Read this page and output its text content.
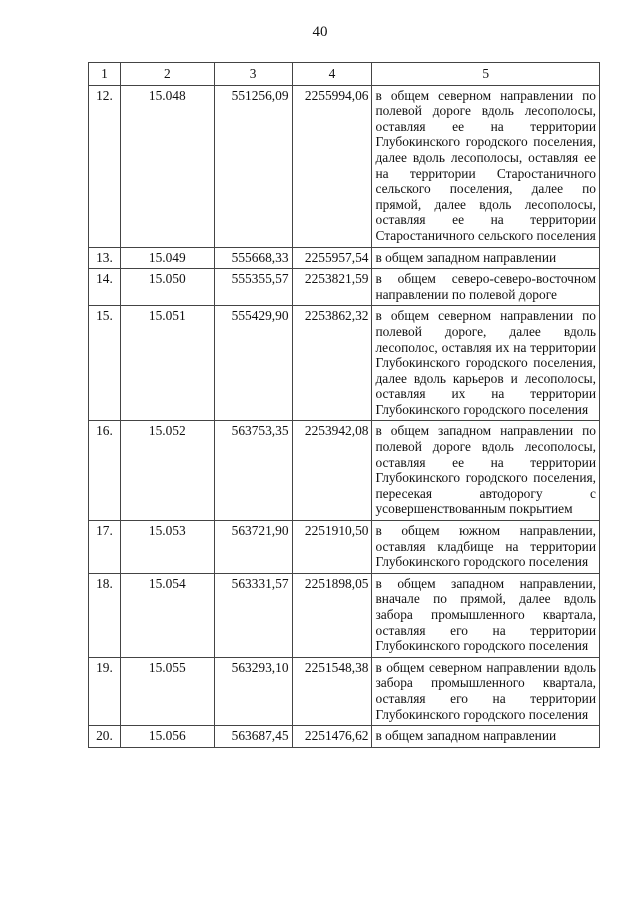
40
1	2	3	4	5
12.	15.048	551256,09	2255994,06	в общем северном направлении по полевой дороге вдоль лесополосы, оставляя ее на территории Глубокинского городского поселения, далее вдоль лесополосы, оставляя ее на территории Старостаничного сельского поселения, далее по прямой, далее вдоль лесополосы, оставляя ее на территории Старостаничного сельского поселения
13.	15.049	555668,33	2255957,54	в общем западном направлении
14.	15.050	555355,57	2253821,59	в общем северо-северо-восточном направлении по полевой дороге
15.	15.051	555429,90	2253862,32	в общем северном направлении по полевой дороге, далее вдоль лесополос, оставляя их на территории Глубокинского городского поселения, далее вдоль карьеров и лесополосы, оставляя их на территории Глубокинского городского поселения
16.	15.052	563753,35	2253942,08	в общем западном направлении по полевой дороге вдоль лесополосы, оставляя ее на территории Глубокинского городского поселения, пересекая автодорогу с усовершенствованным покрытием
17.	15.053	563721,90	2251910,50	в общем южном направлении, оставляя кладбище на территории Глубокинского городского поселения
18.	15.054	563331,57	2251898,05	в общем западном направлении, вначале по прямой, далее вдоль забора промышленного квартала, оставляя его на территории Глубокинского городского поселения
19.	15.055	563293,10	2251548,38	в общем северном направлении вдоль забора промышленного квартала, оставляя его на территории Глубокинского городского поселения
20.	15.056	563687,45	2251476,62	в общем западном направлении
